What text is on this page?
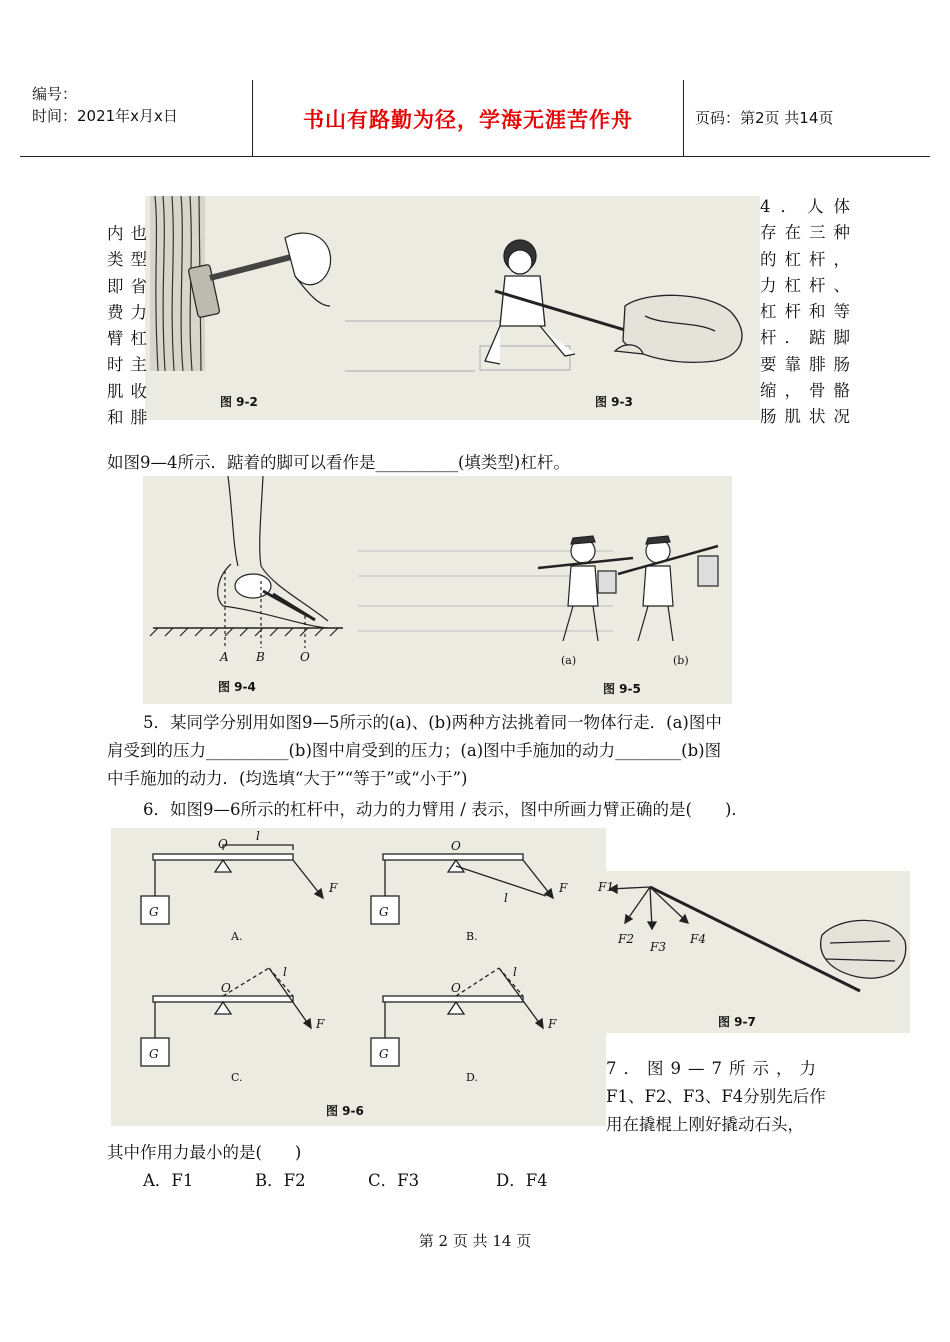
编号：
时间：2021年x月x日	书山有路勤为径，学海无涯苦作舟	页码：第2页 共14页
图 9-2	图 9-3
4．人体
存在三种
的杠杆，
力杠杆、
杠杆和等
杆．踮脚
要靠腓肠
缩，骨骼
肠肌状况
内也
类型
即省
费力
臂杠
时主
肌收
和腓
如图9—4所示．踮着的脚可以看作是__________(填类型)杠杆。
A B	O
图 9-4
(a)	(b)
图 9-5
5．某同学分别用如图9—5所示的(a)、(b)两种方法挑着同一物体行走．(a)图中
肩受到的压力__________(b)图中肩受到的压力；(a)图中手施加的动力________(b)图
中手施加的动力．(均选填“大于”“等于”或“小于”)
6．如图9—6所示的杠杆中，动力的力臂用 / 表示，图中所画力臂正确的是(　　)．
O
l
F
G
A.
O
l
F
G
B.
O
l
F
G
C.
O
l
F
G
D.
图 9-6
F1
F2
F3
F4
图 9-7
7．图9—7所示，力
F1、F2、F3、F4分别先后作
用在撬棍上刚好撬动石头，
其中作用力最小的是(　　)
A．F1	B．F2	C．F3	D．F4
第 2 页 共 14 页
